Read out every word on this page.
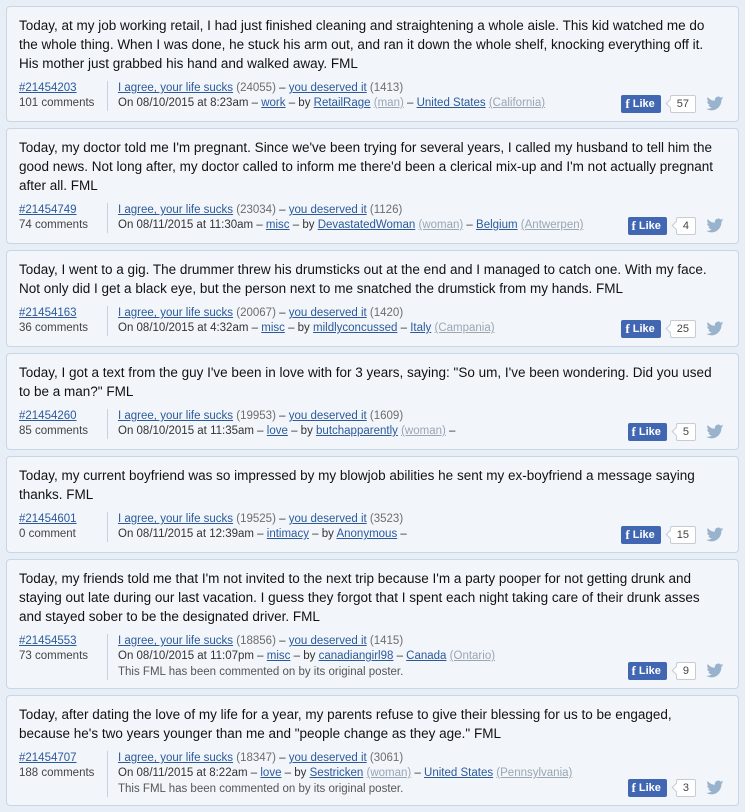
Today, at my job working retail, I had just finished cleaning and straightening a whole aisle. This kid watched me do the whole thing. When I was done, he stuck his arm out, and ran it down the whole shelf, knocking everything off it. His mother just grabbed his hand and walked away. FML
#21454203
101 comments
I agree, your life sucks (24055) – you deserved it (1413)
On 08/10/2015 at 8:23am – work – by RetailRage (man) – United States (California)	f Like	57
Today, my doctor told me I'm pregnant. Since we've been trying for several years, I called my husband to tell him the good news. Not long after, my doctor called to inform me there'd been a clerical mix-up and I'm not actually pregnant after all. FML
#21454749
74 comments
I agree, your life sucks (23034) – you deserved it (1126)
On 08/11/2015 at 11:30am – misc – by DevastatedWoman (woman) – Belgium (Antwerpen)	f Like	4
Today, I went to a gig. The drummer threw his drumsticks out at the end and I managed to catch one. With my face. Not only did I get a black eye, but the person next to me snatched the drumstick from my hands. FML
#21454163
36 comments
I agree, your life sucks (20067) – you deserved it (1420)
On 08/10/2015 at 4:32am – misc – by mildlyconcussed – Italy (Campania)	f Like	25
Today, I got a text from the guy I've been in love with for 3 years, saying: "So um, I've been wondering. Did you used to be a man?" FML
#21454260
85 comments
I agree, your life sucks (19953) – you deserved it (1609)
On 08/10/2015 at 11:35am – love – by butchapparently (woman) –	f Like	5
Today, my current boyfriend was so impressed by my blowjob abilities he sent my ex-boyfriend a message saying thanks. FML
#21454601
0 comment
I agree, your life sucks (19525) – you deserved it (3523)
On 08/11/2015 at 12:39am – intimacy – by Anonymous –	f Like	15
Today, my friends told me that I'm not invited to the next trip because I'm a party pooper for not getting drunk and staying out late during our last vacation. I guess they forgot that I spent each night taking care of their drunk asses and stayed sober to be the designated driver. FML
#21454553
73 comments
I agree, your life sucks (18856) – you deserved it (1415)
On 08/10/2015 at 11:07pm – misc – by canadiangirl98 – Canada (Ontario)
This FML has been commented on by its original poster.	f Like	9
Today, after dating the love of my life for a year, my parents refuse to give their blessing for us to be engaged, because he's two years younger than me and "people change as they age." FML
#21454707
188 comments
I agree, your life sucks (18347) – you deserved it (3061)
On 08/11/2015 at 8:22am – love – by Sestricken (woman) – United States (Pennsylvania)
This FML has been commented on by its original poster.	f Like	3
